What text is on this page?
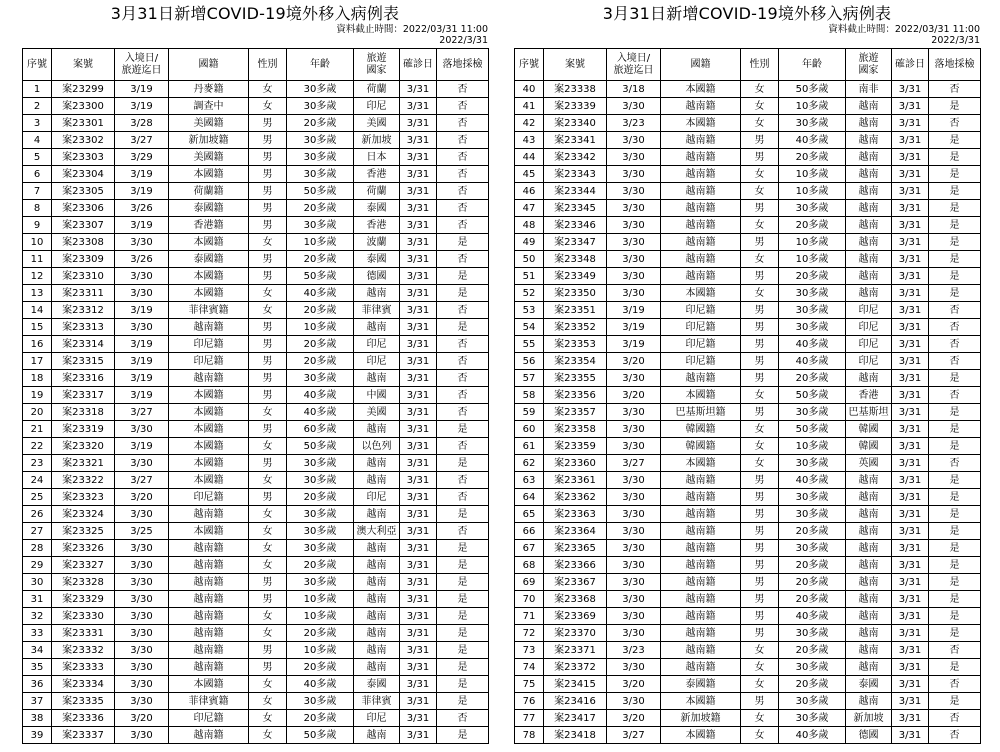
3月31日新增COVID-19境外移入病例表
資料截止時間：2022/03/31 11:00
2022/3/31
序號	案號	入境日/
旅遊迄日	國籍	性別	年齡	旅遊
國家	確診日	落地採檢
1	案23299	3/19	丹麥籍	女	30多歲	荷蘭	3/31	否
2	案23300	3/19	調查中	女	30多歲	印尼	3/31	否
3	案23301	3/28	美國籍	男	20多歲	美國	3/31	否
4	案23302	3/27	新加坡籍	男	30多歲	新加坡	3/31	否
5	案23303	3/29	美國籍	男	30多歲	日本	3/31	否
6	案23304	3/19	本國籍	男	30多歲	香港	3/31	否
7	案23305	3/19	荷蘭籍	男	50多歲	荷蘭	3/31	否
8	案23306	3/26	泰國籍	男	20多歲	泰國	3/31	否
9	案23307	3/19	香港籍	男	30多歲	香港	3/31	否
10	案23308	3/30	本國籍	女	10多歲	波蘭	3/31	是
11	案23309	3/26	泰國籍	男	20多歲	泰國	3/31	否
12	案23310	3/30	本國籍	男	50多歲	德國	3/31	是
13	案23311	3/30	本國籍	女	40多歲	越南	3/31	是
14	案23312	3/19	菲律賓籍	女	20多歲	菲律賓	3/31	否
15	案23313	3/30	越南籍	男	10多歲	越南	3/31	是
16	案23314	3/19	印尼籍	男	20多歲	印尼	3/31	否
17	案23315	3/19	印尼籍	男	20多歲	印尼	3/31	否
18	案23316	3/19	越南籍	男	30多歲	越南	3/31	否
19	案23317	3/19	本國籍	男	40多歲	中國	3/31	否
20	案23318	3/27	本國籍	女	40多歲	美國	3/31	否
21	案23319	3/30	本國籍	男	60多歲	越南	3/31	是
22	案23320	3/19	本國籍	女	50多歲	以色列	3/31	否
23	案23321	3/30	本國籍	男	30多歲	越南	3/31	是
24	案23322	3/27	本國籍	女	30多歲	越南	3/31	否
25	案23323	3/20	印尼籍	男	20多歲	印尼	3/31	否
26	案23324	3/30	越南籍	女	30多歲	越南	3/31	是
27	案23325	3/25	本國籍	女	30多歲	澳大利亞	3/31	否
28	案23326	3/30	越南籍	女	30多歲	越南	3/31	是
29	案23327	3/30	越南籍	女	20多歲	越南	3/31	是
30	案23328	3/30	越南籍	男	30多歲	越南	3/31	是
31	案23329	3/30	越南籍	男	10多歲	越南	3/31	是
32	案23330	3/30	越南籍	女	10多歲	越南	3/31	是
33	案23331	3/30	越南籍	女	20多歲	越南	3/31	是
34	案23332	3/30	越南籍	男	10多歲	越南	3/31	是
35	案23333	3/30	越南籍	男	20多歲	越南	3/31	是
36	案23334	3/30	本國籍	女	40多歲	泰國	3/31	是
37	案23335	3/30	菲律賓籍	女	30多歲	菲律賓	3/31	是
38	案23336	3/20	印尼籍	女	20多歲	印尼	3/31	否
39	案23337	3/30	越南籍	女	50多歲	越南	3/31	是
3月31日新增COVID-19境外移入病例表
資料截止時間：2022/03/31 11:00
2022/3/31
序號	案號	入境日/
旅遊迄日	國籍	性別	年齡	旅遊
國家	確診日	落地採檢
40	案23338	3/18	本國籍	女	50多歲	南非	3/31	否
41	案23339	3/30	越南籍	女	10多歲	越南	3/31	是
42	案23340	3/23	本國籍	女	30多歲	越南	3/31	否
43	案23341	3/30	越南籍	男	40多歲	越南	3/31	是
44	案23342	3/30	越南籍	男	20多歲	越南	3/31	是
45	案23343	3/30	越南籍	女	10多歲	越南	3/31	是
46	案23344	3/30	越南籍	女	10多歲	越南	3/31	是
47	案23345	3/30	越南籍	男	30多歲	越南	3/31	是
48	案23346	3/30	越南籍	女	20多歲	越南	3/31	是
49	案23347	3/30	越南籍	男	10多歲	越南	3/31	是
50	案23348	3/30	越南籍	女	10多歲	越南	3/31	是
51	案23349	3/30	越南籍	男	20多歲	越南	3/31	是
52	案23350	3/30	本國籍	女	30多歲	越南	3/31	是
53	案23351	3/19	印尼籍	男	30多歲	印尼	3/31	否
54	案23352	3/19	印尼籍	男	30多歲	印尼	3/31	否
55	案23353	3/19	印尼籍	男	40多歲	印尼	3/31	否
56	案23354	3/20	印尼籍	男	40多歲	印尼	3/31	否
57	案23355	3/30	越南籍	男	20多歲	越南	3/31	是
58	案23356	3/20	本國籍	女	50多歲	香港	3/31	否
59	案23357	3/30	巴基斯坦籍	男	30多歲	巴基斯坦	3/31	是
60	案23358	3/30	韓國籍	女	50多歲	韓國	3/31	是
61	案23359	3/30	韓國籍	女	10多歲	韓國	3/31	是
62	案23360	3/27	本國籍	女	30多歲	英國	3/31	否
63	案23361	3/30	越南籍	男	40多歲	越南	3/31	是
64	案23362	3/30	越南籍	男	30多歲	越南	3/31	是
65	案23363	3/30	越南籍	男	30多歲	越南	3/31	是
66	案23364	3/30	越南籍	男	20多歲	越南	3/31	是
67	案23365	3/30	越南籍	男	30多歲	越南	3/31	是
68	案23366	3/30	越南籍	男	20多歲	越南	3/31	是
69	案23367	3/30	越南籍	男	20多歲	越南	3/31	是
70	案23368	3/30	越南籍	男	20多歲	越南	3/31	是
71	案23369	3/30	越南籍	男	40多歲	越南	3/31	是
72	案23370	3/30	越南籍	男	30多歲	越南	3/31	是
73	案23371	3/23	越南籍	女	20多歲	越南	3/31	否
74	案23372	3/30	越南籍	女	30多歲	越南	3/31	是
75	案23415	3/20	泰國籍	女	20多歲	泰國	3/31	否
76	案23416	3/30	本國籍	男	30多歲	越南	3/31	是
77	案23417	3/20	新加坡籍	女	30多歲	新加坡	3/31	否
78	案23418	3/27	本國籍	女	40多歲	德國	3/31	否
